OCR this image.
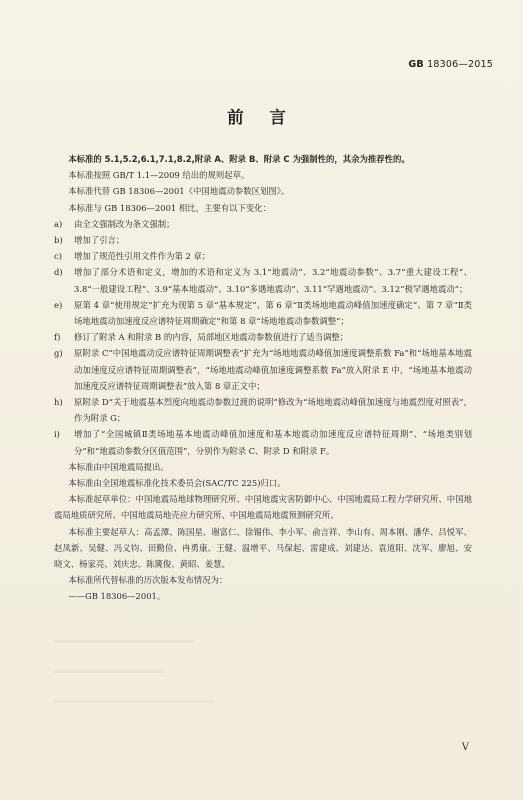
GB 18306—2015
前 言

本标准的 5.1,5.2,6.1,7.1,8.2,附录 A、附录 B、附录 C 为强制性的，其余为推荐性的。

本标准按照 GB/T 1.1—2009 给出的规则起草。

本标准代替 GB 18306—2001《中国地震动参数区划图》。

本标准与 GB 18306—2001 相比，主要有以下变化：

a)	由全文强制改为条文强制；
b)	增加了引言；
c)	增加了规范性引用文件作为第 2 章；
d)	增加了部分术语和定义，增加的术语和定义为 3.1“地震动”、3.2“地震动参数”、3.7“重大建设工程”、3.8“一般建设工程”、3.9“基本地震动”、3.10“多遇地震动”、3.11“罕遇地震动”、3.12“极罕遇地震动”；
e)	原第 4 章“使用规定”扩充为现第 5 章“基本规定”、第 6 章“Ⅱ类场地地震动峰值加速度确定”、第 7 章“Ⅱ类场地地震动加速度反应谱特征周期确定”和第 8 章“场地地震动参数调整”；
f)	修订了附录 A 和附录 B 的内容，局部地区地震动参数值进行了适当调整；
g)	原附录 C“中国地震动反应谱特征周期调整表”扩充为“场地地震动峰值加速度调整系数 Fa”和“场地基本地震动加速度反应谱特征周期调整表”，“场地地震动峰值加速度调整系数 Fa”放入附录 E 中，“场地基本地震动加速度反应谱特征周期调整表”放入第 8 章正文中；
h)	原附录 D“关于地震基本烈度向地震动参数过渡的说明”修改为“场地地震动峰值加速度与地震烈度对照表”，作为附录 G；
i)	增加了“全国城镇Ⅱ类场地基本地震动峰值加速度和基本地震动加速度反应谱特征周期”、“场地类别划分”和“地震动参数分区值范围”，分别作为附录 C、附录 D 和附录 F。

本标准由中国地震局提出。

本标准由全国地震标准化技术委员会(SAC/TC 225)归口。

本标准起草单位：中国地震局地球物理研究所、中国地震灾害防御中心、中国地震局工程力学研究所、中国地震局地质研究所、中国地震局地壳应力研究所、中国地震局地震预测研究所。

本标准主要起草人：高孟潭、陈国星、谢富仁、徐锡伟、李小军、俞言祥、李山有、周本刚、潘华、吕悦军、赵凤新、吴健、冯义钧、田勤俭、冉勇康、王健、温增平、马保起、雷建成、刘建达、袁道阳、沈军、廖旭、安晓文、杨家亮、刘庆忠、陈篪俊、黄昭、姜慧。

本标准所代替标准的历次版本发布情况为：

——GB 18306—2001。

V
